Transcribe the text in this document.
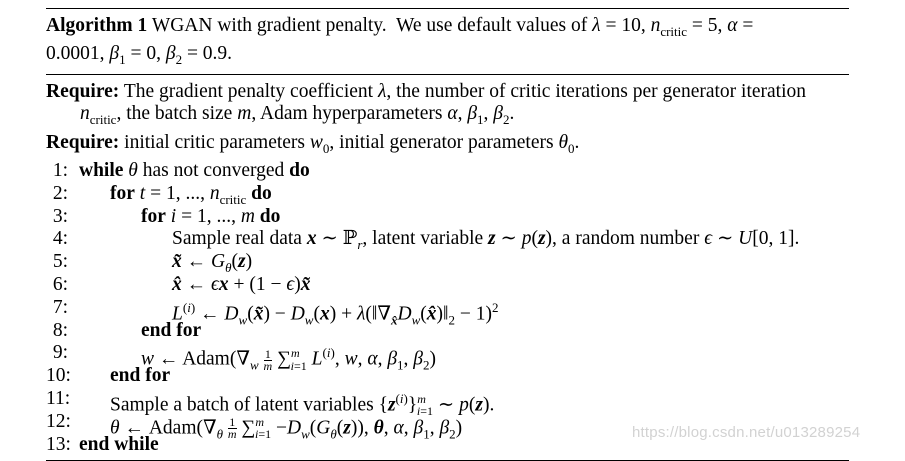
Algorithm 1 WGAN with gradient penalty.  We use default values of λ = 10, $n_{critic} = 5$, α =
0.0001, $\beta_1 = 0$, $\beta_2 = 0.9$.
Require: The gradient penalty coefficient λ, the number of critic iterations per generator iteration
$n_{critic}$, the batch size m, Adam hyperparameters α, $\beta_1$, $\beta_2$.
Require: initial critic parameters $w_0$, initial generator parameters $\theta_0$.
1: while θ has not converged do
2: for t = 1, ..., $n_{critic}$ do
3:	for i = 1, ..., m do
4:	Sample real data x ∼ ℙ$_r$, latent variable z ∼ p(z), a random number ϵ ∼ U[0, 1].
5:	x̃ ← $G_\theta(z)$
6:	x̂ ← ϵx + (1 − ϵ)x̃
7:	$L^{(i)}$ ← $D_w(x̃) - D_w(x)$ + $\lambda(‖\nabla_{x̂}D_w(x̂)‖_2 - 1)^2$
8:	end for
9:	w ← $Adam(\nabla_w \frac{1}{m} \sum^m_{i=1}$ $L^{(i)}$, w, α, $\beta_1$, $\beta_2$)
10: end for
11: Sample a batch of latent variables $\{z^{(i)}\}^m_{i=1}$ ∼ p(z).
12: θ ← $Adam(\nabla_\theta \frac{1}{m} \sum^m_{i=1} -D_w(G_\theta(z))$, θ, α, $\beta_1$, $\beta_2$)
13: end while
https://blog.csdn.net/u013289254
